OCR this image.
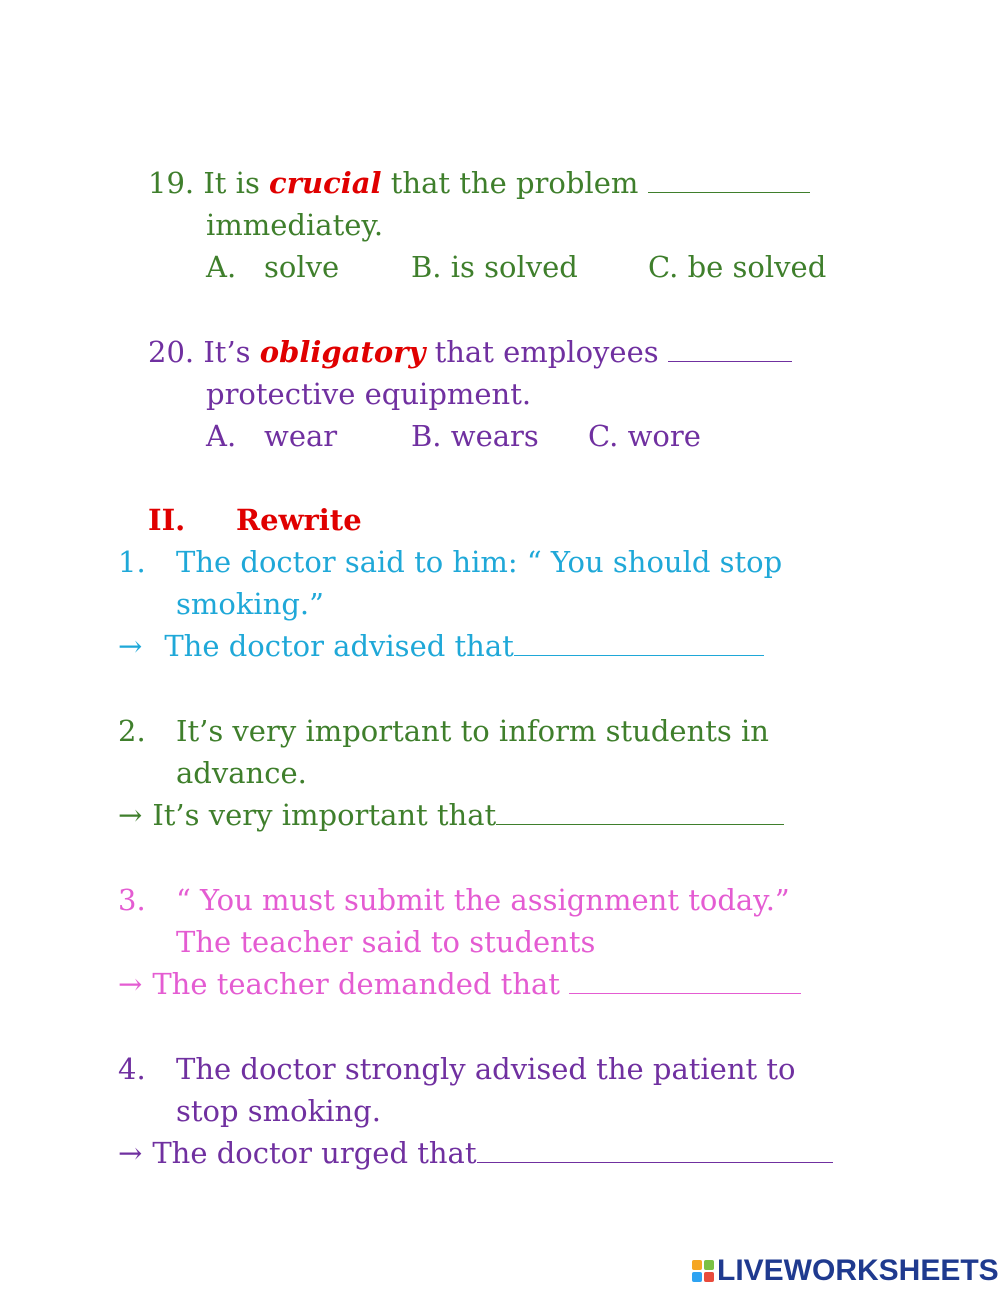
19. It is crucial that the problem
immediatey.
A. solve B. is solved C. be solved
20. It’s obligatory that employees
protective equipment.
A. wear	B. wears C. wore
II. Rewrite
1. The doctor said to him: “ You should stop
smoking.”
→ The doctor advised that
2. It’s very important to inform students in
advance.
→ It’s very important that
3. “ You must submit the assignment today.”
The teacher said to students
→ The teacher demanded that
4. The doctor strongly advised the patient to
stop smoking.
→ The doctor urged that
LIVEWORKSHEETS
